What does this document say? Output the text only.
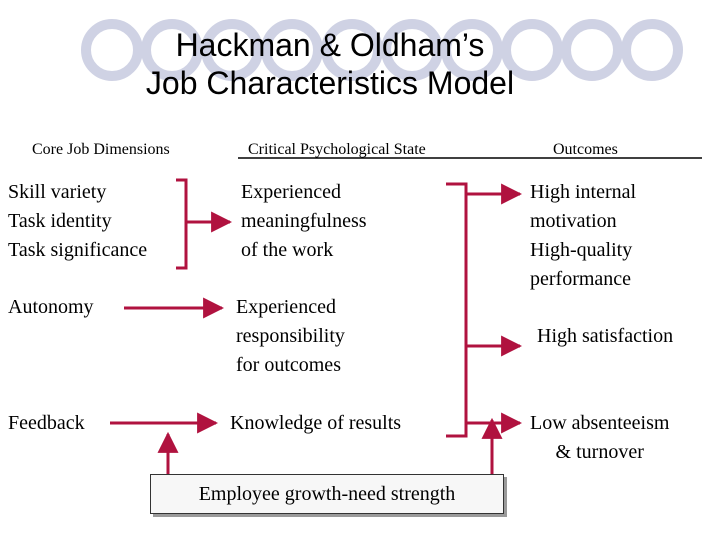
Hackman & Oldham’s
Job Characteristics Model
Core Job Dimensions	Critical Psychological State	Outcomes
Skill variety
Task identity
Task significance
Autonomy
Feedback
Experienced
meaningfulness
of the work
Experienced
responsibility
for outcomes
Knowledge of results
High internal
motivation
High-quality
performance
High satisfaction
Low absenteeism
& turnover
Employee growth-need strength
